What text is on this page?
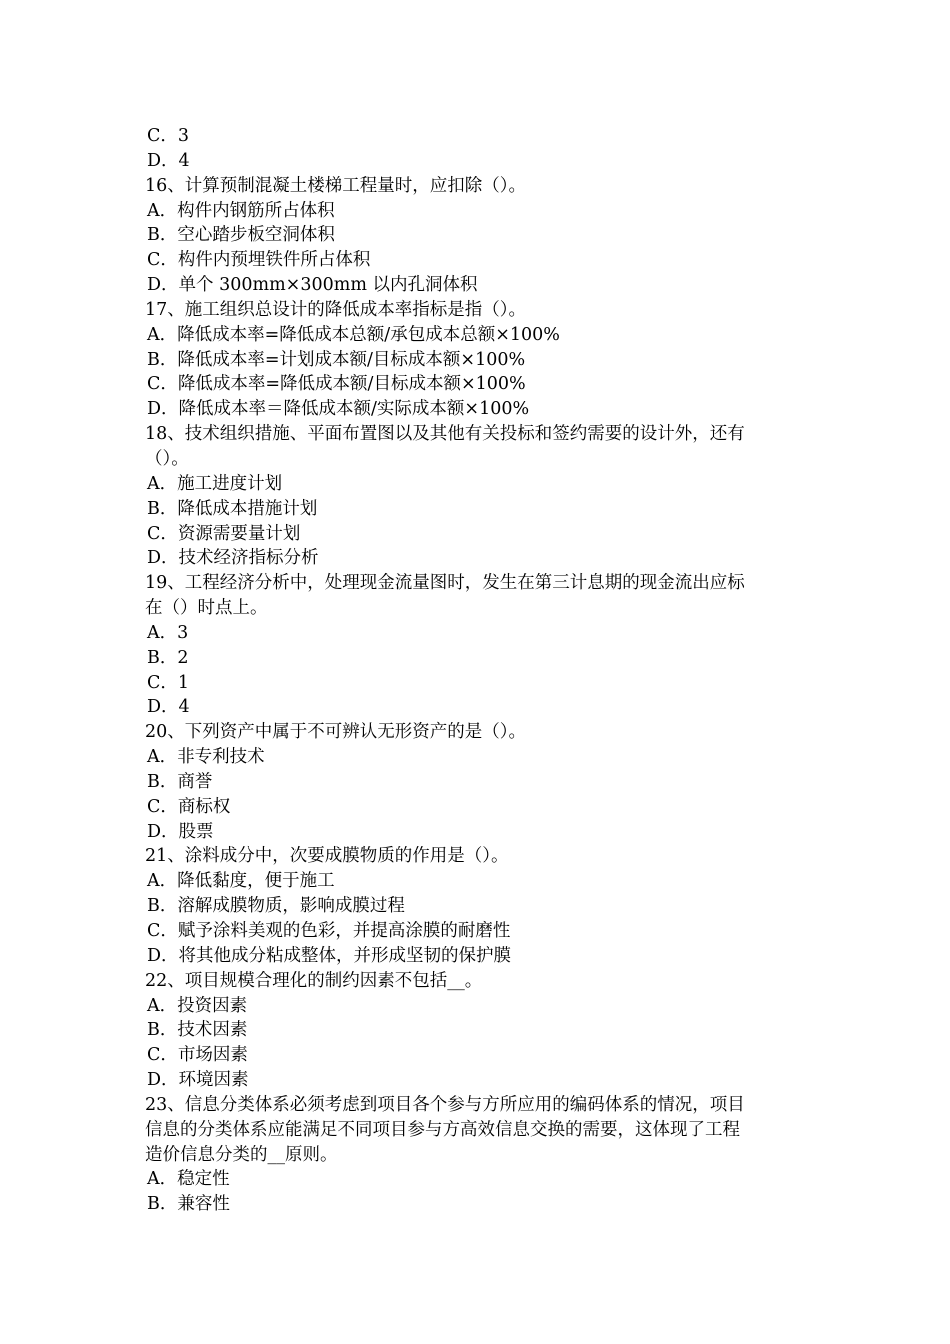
C．3
D．4
16、计算预制混凝土楼梯工程量时，应扣除（）。
A．构件内钢筋所占体积
B．空心踏步板空洞体积
C．构件内预埋铁件所占体积
D．单个 300mm×300mm 以内孔洞体积
17、施工组织总设计的降低成本率指标是指（）。
A．降低成本率=降低成本总额/承包成本总额×100%
B．降低成本率=计划成本额/目标成本额×100%
C．降低成本率=降低成本额/目标成本额×100%
D．降低成本率＝降低成本额/实际成本额×100%
18、技术组织措施、平面布置图以及其他有关投标和签约需要的设计外，还有
（）。
A．施工进度计划
B．降低成本措施计划
C．资源需要量计划
D．技术经济指标分析
19、工程经济分析中，处理现金流量图时，发生在第三计息期的现金流出应标
在（）时点上。
A．3
B．2
C．1
D．4
20、下列资产中属于不可辨认无形资产的是（）。
A．非专利技术
B．商誉
C．商标权
D．股票
21、涂料成分中，次要成膜物质的作用是（）。
A．降低黏度，便于施工
B．溶解成膜物质，影响成膜过程
C．赋予涂料美观的色彩，并提高涂膜的耐磨性
D．将其他成分粘成整体，并形成坚韧的保护膜
22、项目规模合理化的制约因素不包括__。
A．投资因素
B．技术因素
C．市场因素
D．环境因素
23、信息分类体系必须考虑到项目各个参与方所应用的编码体系的情况，项目
信息的分类体系应能满足不同项目参与方高效信息交换的需要，这体现了工程
造价信息分类的__原则。
A．稳定性
B．兼容性
